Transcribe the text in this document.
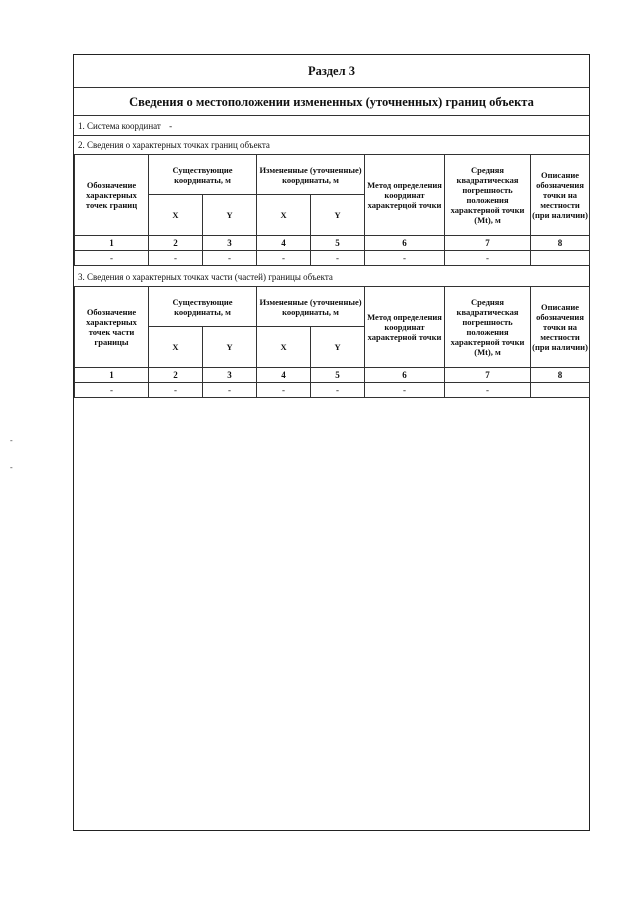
-
-
Раздел 3
Сведения о местоположении измененных (уточненных) границ объекта
1. Система координат -
2. Сведения о характерных точках границ объекта
Обозначение характерных точек границ	Существующие координаты, м		Измененные (уточненные) координаты, м		Метод определения координат характерцой точки	Средняя квадратическая погрешность положения характерной точки (Mt), м	Описание обозначения точки на местности (при наличии)
	X	Y	X	Y			
1	2	3	4	5	6	7	8
-	-	-	-	-	-	-	
3. Сведения о характерных точках части (частей) границы объекта
Обозначение характерных точек части границы	Существующие координаты, м		Измененные (уточненные) координаты, м		Метод определения координат характерной точки	Средняя квадратическая погрешность положения характерной точки (Mt), м	Описание обозначения точки на местности (при наличии)
	X	Y	X	Y			
1	2	3	4	5	6	7	8
-	-	-	-	-	-	-	
